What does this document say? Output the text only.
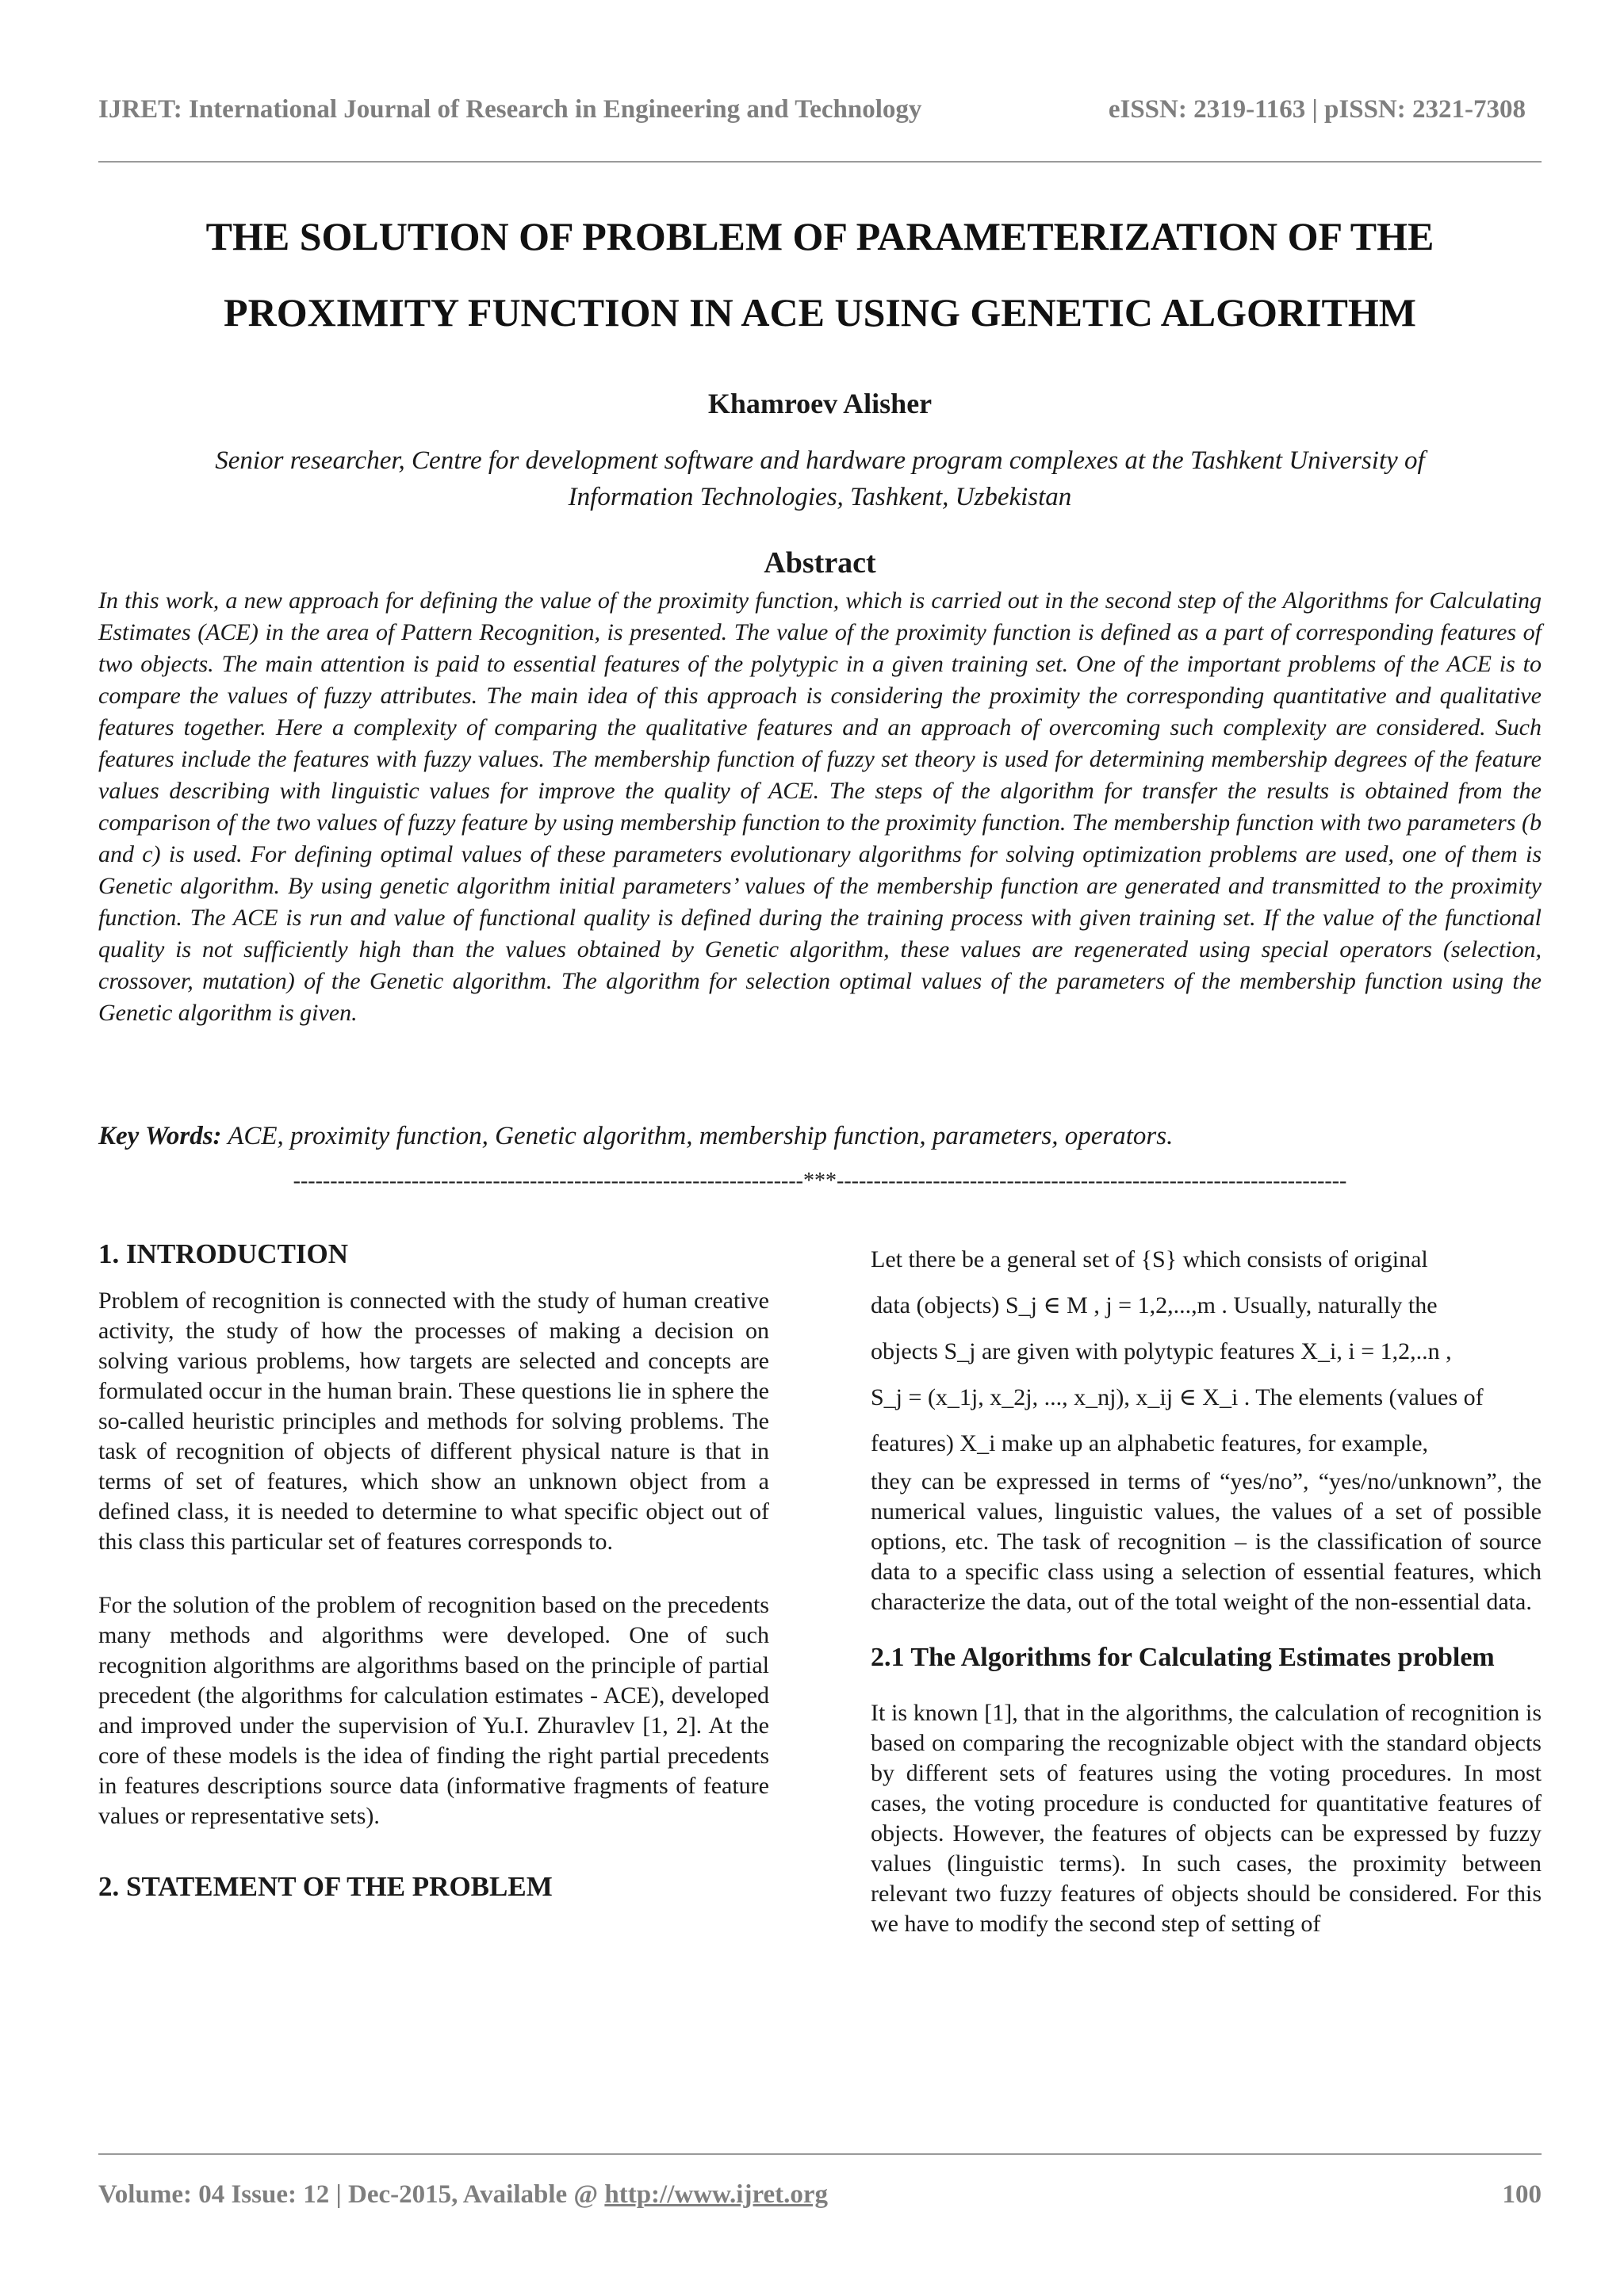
IJRET: International Journal of Research in Engineering and Technology	eISSN: 2319-1163 | pISSN: 2321-7308
THE SOLUTION OF PROBLEM OF PARAMETERIZATION OF THE
PROXIMITY FUNCTION IN ACE USING GENETIC ALGORITHM
Khamroev Alisher
Senior researcher, Centre for development software and hardware program complexes at the Tashkent University of
Information Technologies, Tashkent, Uzbekistan
Abstract
In this work, a new approach for defining the value of the proximity function, which is carried out in the second step of the Algorithms for Calculating Estimates (ACE) in the area of Pattern Recognition, is presented. The value of the proximity function is defined as a part of corresponding features of two objects. The main attention is paid to essential features of the polytypic in a given training set. One of the important problems of the ACE is to compare the values of fuzzy attributes. The main idea of this approach is considering the proximity the corresponding quantitative and qualitative features together. Here a complexity of comparing the qualitative features and an approach of overcoming such complexity are considered. Such features include the features with fuzzy values. The membership function of fuzzy set theory is used for determining membership degrees of the feature values describing with linguistic values for improve the quality of ACE. The steps of the algorithm for transfer the results is obtained from the comparison of the two values of fuzzy feature by using membership function to the proximity function. The membership function with two parameters (b and c) is used. For defining optimal values of these parameters evolutionary algorithms for solving optimization problems are used, one of them is Genetic algorithm. By using genetic algorithm initial parameters’ values of the membership function are generated and transmitted to the proximity function. The ACE is run and value of functional quality is defined during the training process with given training set. If the value of the functional quality is not sufficiently high than the values obtained by Genetic algorithm, these values are regenerated using special operators (selection, crossover, mutation) of the Genetic algorithm. The algorithm for selection optimal values of the parameters of the membership function using the Genetic algorithm is given.
Key Words: ACE, proximity function, Genetic algorithm, membership function, parameters, operators.
---------------------------------------------------------------------***---------------------------------------------------------------------
1. INTRODUCTION

Problem of recognition is connected with the study of human creative activity, the study of how the processes of making a decision on solving various problems, how targets are selected and concepts are formulated occur in the human brain. These questions lie in sphere the so-called heuristic principles and methods for solving problems. The task of recognition of objects of different physical nature is that in terms of set of features, which show an unknown object from a defined class, it is needed to determine to what specific object out of this class this particular set of features corresponds to.

For the solution of the problem of recognition based on the precedents many methods and algorithms were developed. One of such recognition algorithms are algorithms based on the principle of partial precedent (the algorithms for calculation estimates - ACE), developed and improved under the supervision of Yu.I. Zhuravlev [1, 2]. At the core of these models is the idea of finding the right partial precedents in features descriptions source data (informative fragments of feature values or representative sets).

2. STATEMENT OF THE PROBLEM

Let there be a general set of {S} which consists of original

data (objects) S_j ∈ M , j = 1,2,...,m . Usually, naturally the

objects S_j are given with polytypic features X_i, i = 1,2,..n ,

S_j = (x_1j, x_2j, ..., x_nj), x_ij ∈ X_i . The elements (values of

features) X_i make up an alphabetic features, for example,

they can be expressed in terms of “yes/no”, “yes/no/unknown”, the numerical values, linguistic values, the values of a set of possible options, etc. The task of recognition – is the classification of source data to a specific class using a selection of essential features, which characterize the data, out of the total weight of the non-essential data.

2.1 The Algorithms for Calculating Estimates problem

It is known [1], that in the algorithms, the calculation of recognition is based on comparing the recognizable object with the standard objects by different sets of features using the voting procedures. In most cases, the voting procedure is conducted for quantitative features of objects. However, the features of objects can be expressed by fuzzy values (linguistic terms). In such cases, the proximity between relevant two fuzzy features of objects should be considered. For this we have to modify the second step of setting of

Volume: 04 Issue: 12 | Dec-2015, Available @ http://www.ijret.org	100
